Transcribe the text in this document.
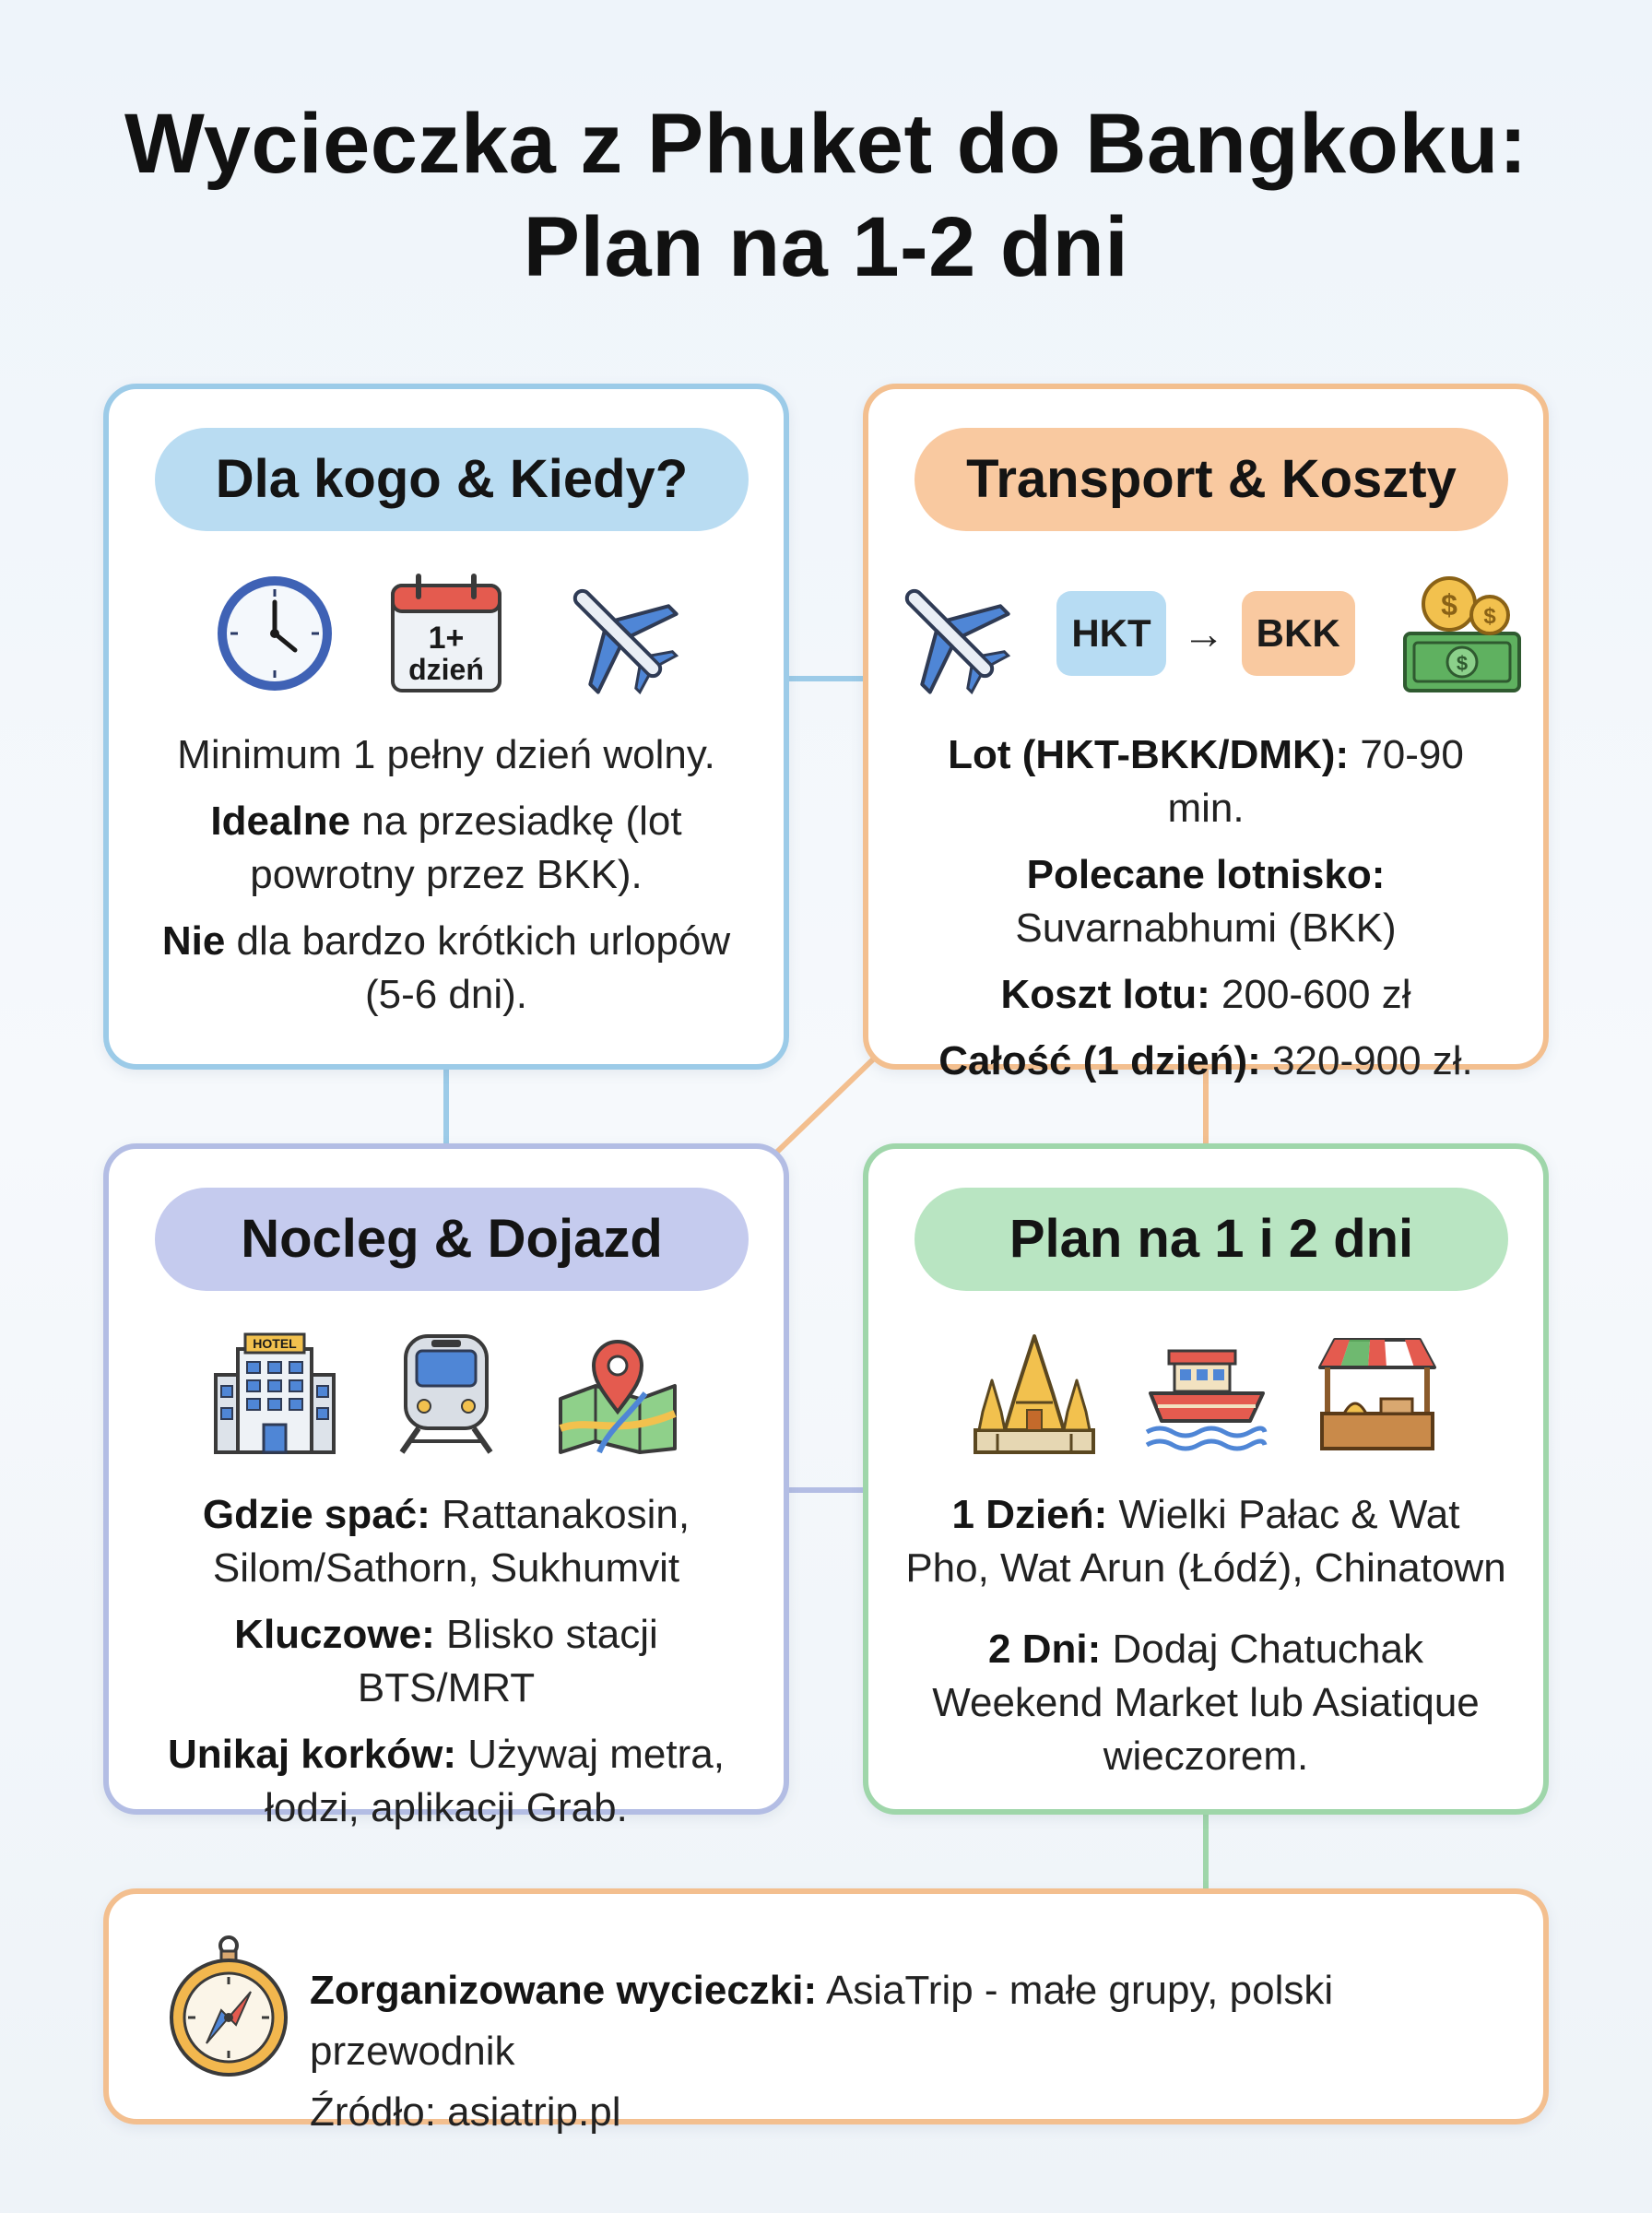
Wycieczka z Phuket do Bangkoku:
Plan na 1-2 dni
Dla kogo & Kiedy?
1+
dzień

Minimum 1 pełny dzień wolny.

Idealne na przesiadkę (lot powrotny przez BKK).

Nie dla bardzo krótkich urlopów (5-6 dni).

Transport & Koszty
HKT → BKK
$
$ $

Lot (HKT-BKK/DMK): 70-90 min.

Polecane lotnisko:

Suvarnabhumi (BKK)

Koszt lotu: 200-600 zł

Całość (1 dzień): 320-900 zł.

Nocleg & Dojazd
HOTEL

Gdzie spać: Rattanakosin, Silom/Sathorn, Sukhumvit

Kluczowe: Blisko stacji BTS/MRT

Unikaj korków: Używaj metra, łodzi, aplikacji Grab.

Plan na 1 i 2 dni

1 Dzień: Wielki Pałac & Wat Pho, Wat Arun (Łódź), Chinatown

2 Dni: Dodaj Chatuchak Weekend Market lub Asiatique wieczorem.

Zorganizowane wycieczki: AsiaTrip - małe grupy, polski przewodnik
Źródło: asiatrip.pl
